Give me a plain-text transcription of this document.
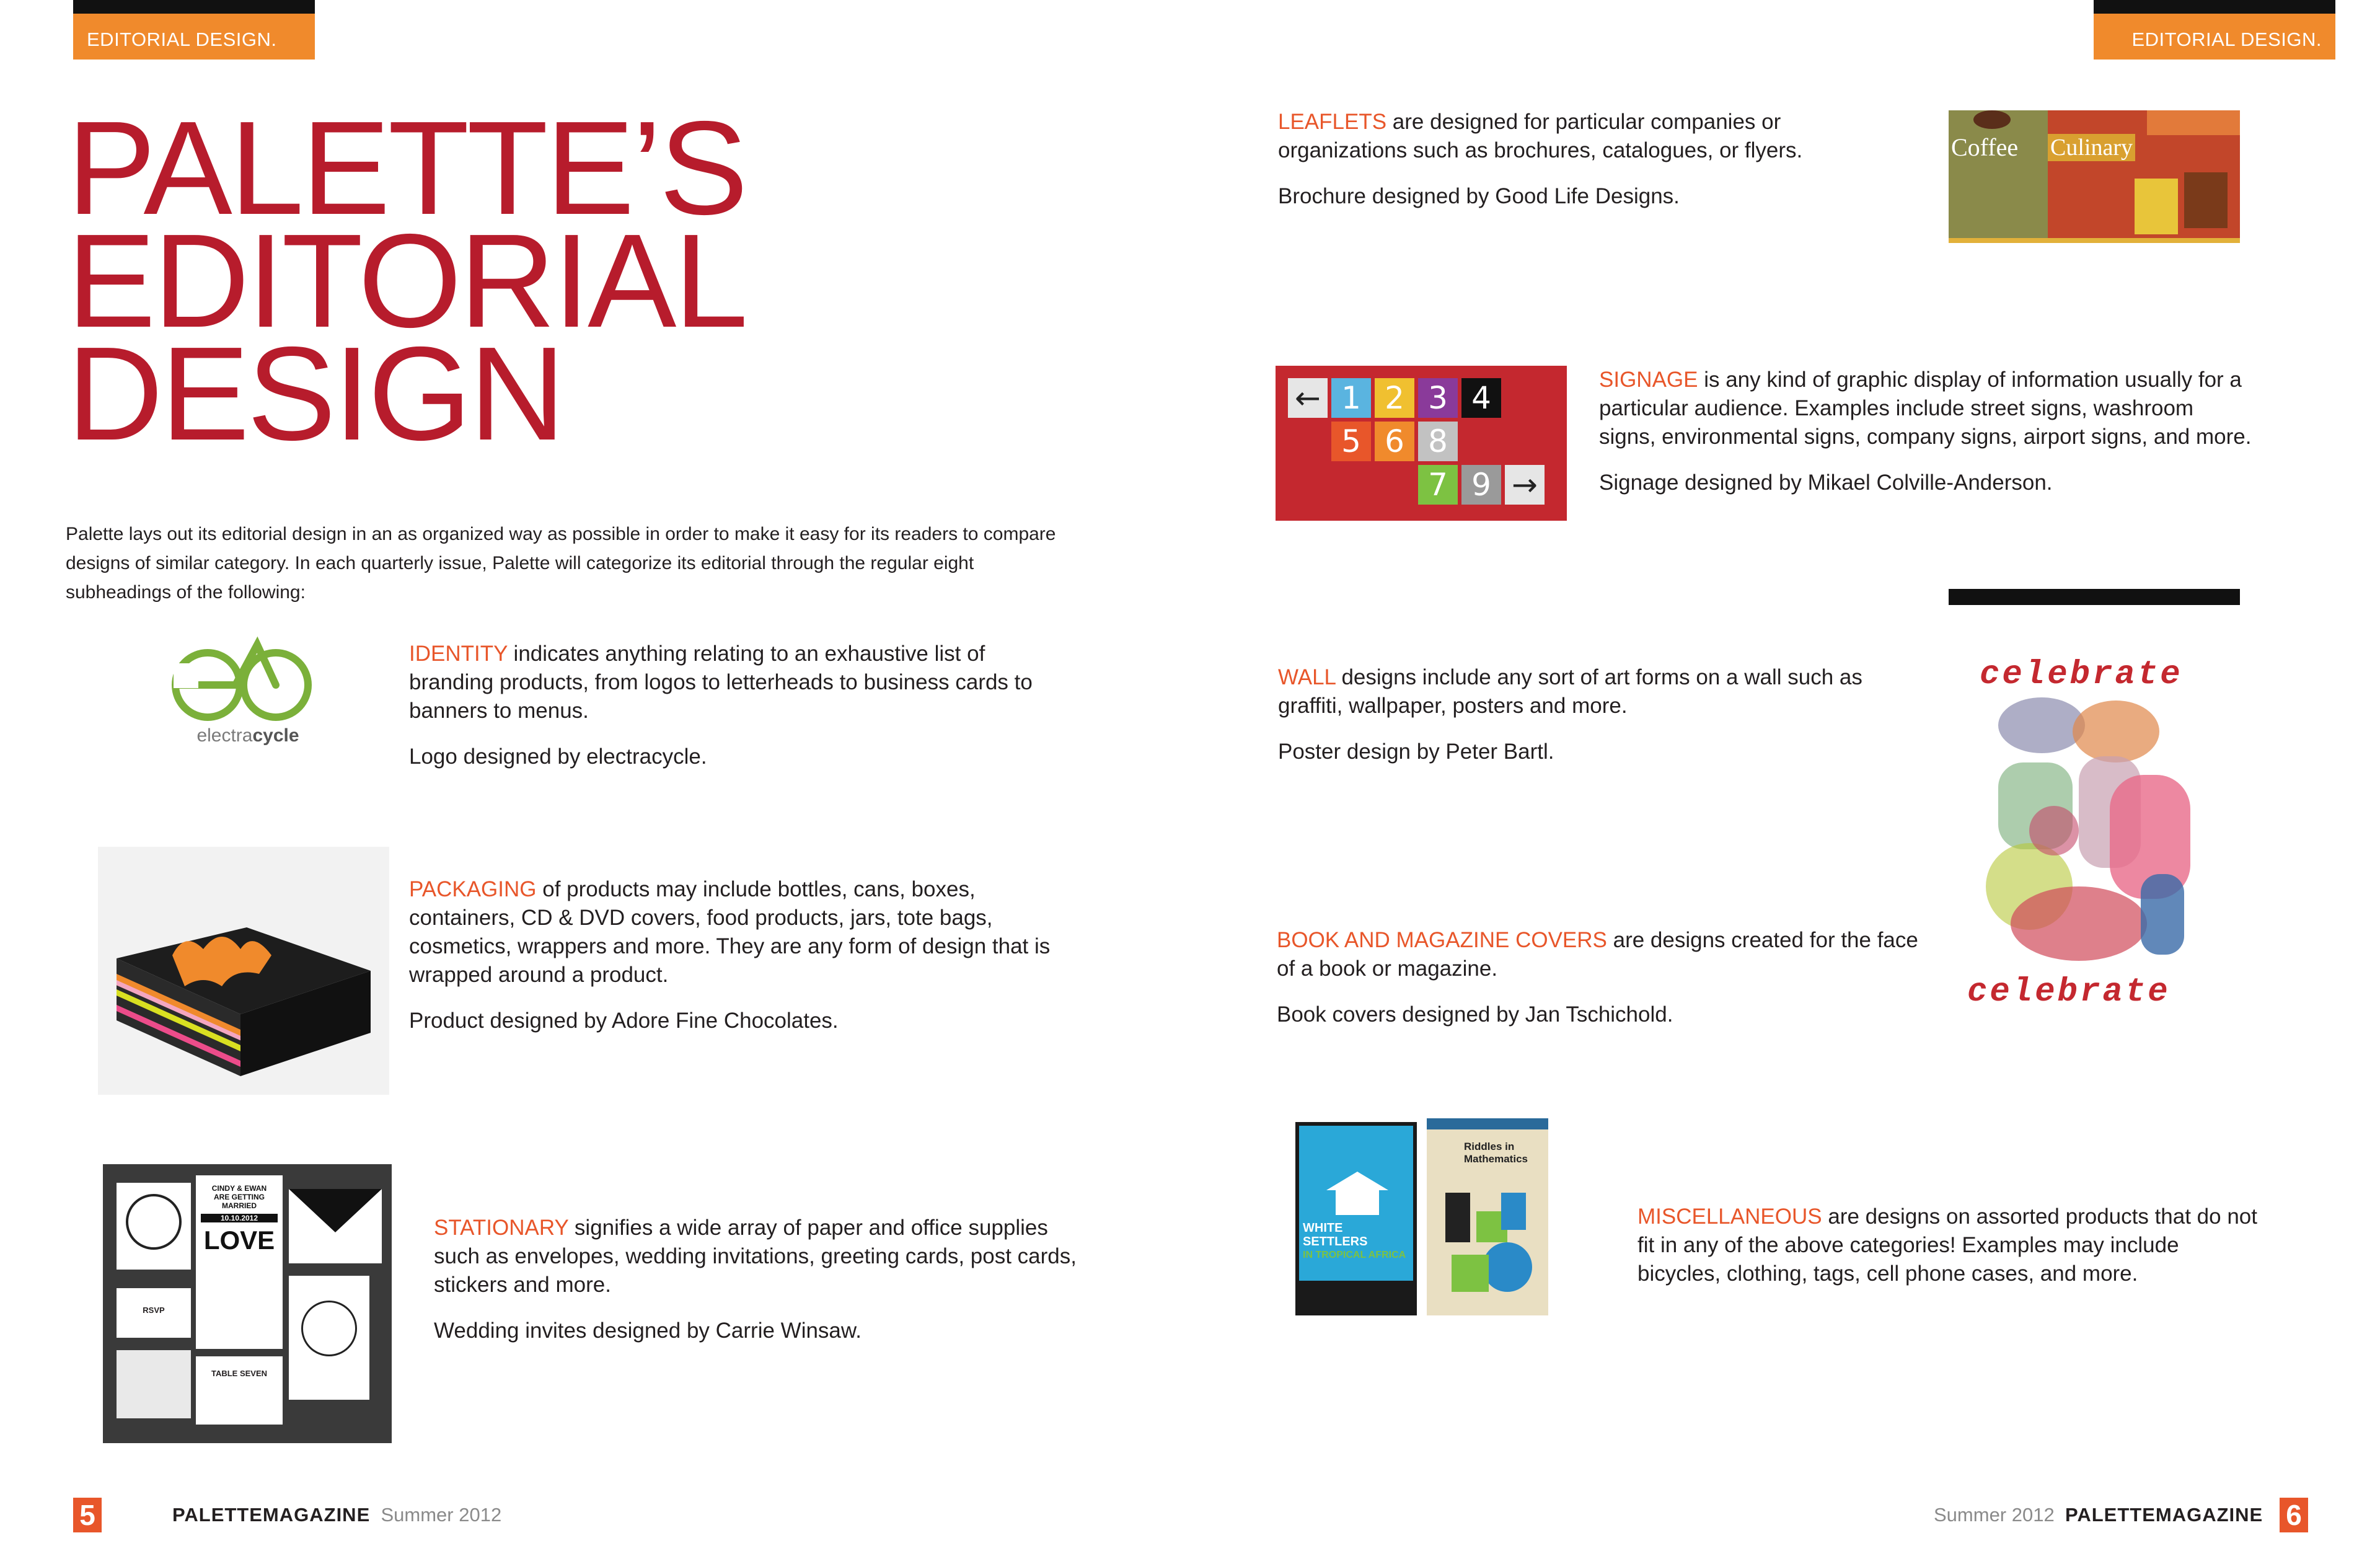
EDITORIAL DESIGN.	EDITORIAL DESIGN.
PALETTE’S
EDITORIAL
DESIGN
Palette lays out its editorial design in an as organized way as possible in order to make it easy for its readers to compare designs of similar category. In each quarterly issue, Palette will categorize its editorial through the regular eight subheadings of the following:
electracycle

IDENTITY indicates anything relating to an exhaustive list of branding products, from logos to letterheads to business cards to banners to menus.

Logo designed by electracycle.

PACKAGING of products may include bottles, cans, boxes, containers, CD & DVD covers, food products, jars, tote bags, cosmetics, wrappers and more. They are any form of design that is wrapped around a product.

Product designed by Adore Fine Chocolates.

CINDY & EWAN
ARE GETTING MARRIED
10.10.2012
LOVE
RSVP
TABLE SEVEN

STATIONARY signifies a wide array of paper and office supplies such as envelopes, wedding invitations, greeting cards, post cards, stickers and more.

Wedding invites designed by Carrie Winsaw.

LEAFLETS are designed for particular companies or organizations such as brochures, catalogues, or flyers.

Brochure designed by Good Life Designs.

Coffee Culinary
← 1 2 3 4
5 6 8
7 9 →

SIGNAGE is any kind of graphic display of information usually for a particular audience. Examples include street signs, washroom signs, environmental signs, company signs, airport signs, and more.

Signage designed by Mikael Colville-Anderson.

WALL designs include any sort of art forms on a wall such as graffiti, wallpaper, posters and more.

Poster design by Peter Bartl.

celebrate
celebrate

BOOK AND MAGAZINE COVERS are designs created for the face of a book or magazine.

Book covers designed by Jan Tschichold.

WHITE SETTLERS
IN TROPICAL AFRICA
Riddles in Mathematics

MISCELLANEOUS are designs on assorted products that do not fit in any of the above categories! Examples may include bicycles, clothing, tags, cell phone cases, and more.

5	PALETTEMAGAZINE Summer 2012	Summer 2012 PALETTEMAGAZINE 6
